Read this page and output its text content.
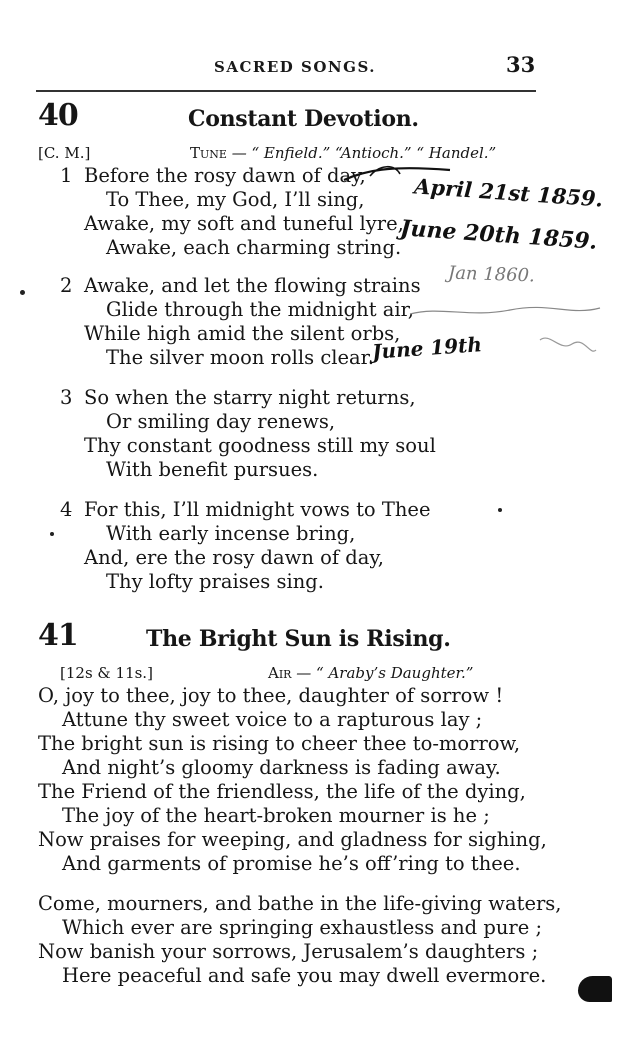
SACRED SONGS.	33
40	Constant Devotion.
[C. M.]	Tune — “ Enfield.” “Antioch.” “ Handel.”
1 Before the rosy dawn of day,
To Thee, my God, I’ll sing,
Awake, my soft and tuneful lyre,
Awake, each charming string.
2 Awake, and let the flowing strains
Glide through the midnight air,
While high amid the silent orbs,
The silver moon rolls clear.
3 So when the starry night returns,
Or smiling day renews,
Thy constant goodness still my soul
With benefit pursues.
4 For this, I’ll midnight vows to Thee
With early incense bring,
And, ere the rosy dawn of day,
Thy lofty praises sing.
April 21st 1859.
June 20th 1859.
Jan 1860.
June 19th
41	The Bright Sun is Rising.
[12s & 11s.]	Air — “ Araby’s Daughter.”
O, joy to thee, joy to thee, daughter of sorrow !
Attune thy sweet voice to a rapturous lay ;
The bright sun is rising to cheer thee to-morrow,
And night’s gloomy darkness is fading away.
The Friend of the friendless, the life of the dying,
The joy of the heart-broken mourner is he ;
Now praises for weeping, and gladness for sighing,
And garments of promise he’s off’ring to thee.
Come, mourners, and bathe in the life-giving waters,
Which ever are springing exhaustless and pure ;
Now banish your sorrows, Jerusalem’s daughters ;
Here peaceful and safe you may dwell evermore.
